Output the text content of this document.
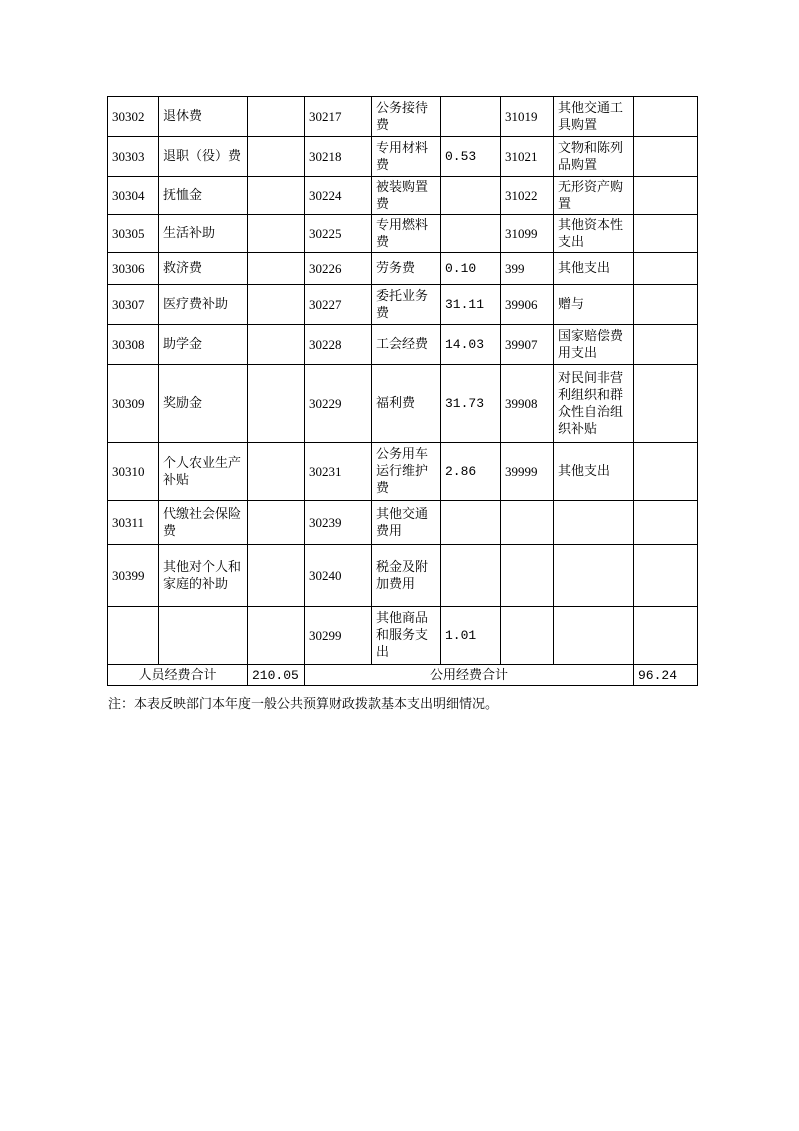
30302	退休费		30217	公务接待费		31019	其他交通工具购置	
30303	退职（役）费		30218	专用材料费	0.53	31021	文物和陈列品购置	
30304	抚恤金		30224	被装购置费		31022	无形资产购置	
30305	生活补助		30225	专用燃料费		31099	其他资本性支出	
30306	救济费		30226	劳务费	0.10	399	其他支出	
30307	医疗费补助		30227	委托业务费	31.11	39906	赠与	
30308	助学金		30228	工会经费	14.03	39907	国家赔偿费用支出	
30309	奖励金		30229	福利费	31.73	39908	对民间非营利组织和群众性自治组织补贴	
30310	个人农业生产补贴		30231	公务用车运行维护费	2.86	39999	其他支出	
30311	代缴社会保险费		30239	其他交通费用				
30399	其他对个人和家庭的补助		30240	税金及附加费用				
			30299	其他商品和服务支出	1.01			
人员经费合计		210.05	公用经费合计					96.24

注：本表反映部门本年度一般公共预算财政拨款基本支出明细情况。
